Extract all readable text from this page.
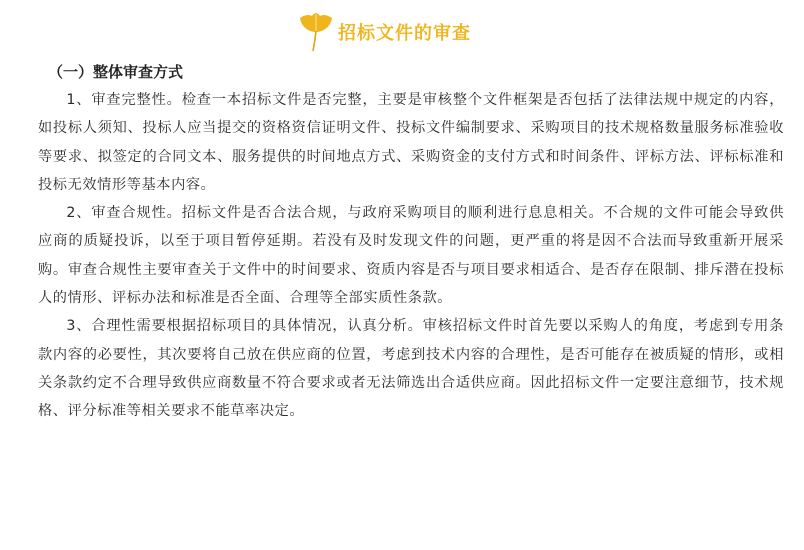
招标文件的审查
（一）整体审查方式

1、审查完整性。检查一本招标文件是否完整，主要是审核整个文件框架是否包括了法律法规中规定的内容，如投标人须知、投标人应当提交的资格资信证明文件、投标文件编制要求、采购项目的技术规格数量服务标准验收等要求、拟签定的合同文本、服务提供的时间地点方式、采购资金的支付方式和时间条件、评标方法、评标标准和投标无效情形等基本内容。

2、审查合规性。招标文件是否合法合规，与政府采购项目的顺利进行息息相关。不合规的文件可能会导致供应商的质疑投诉，以至于项目暂停延期。若没有及时发现文件的问题，更严重的将是因不合法而导致重新开展采购。审查合规性主要审查关于文件中的时间要求、资质内容是否与项目要求相适合、是否存在限制、排斥潜在投标人的情形、评标办法和标准是否全面、合理等全部实质性条款。

3、合理性需要根据招标项目的具体情况，认真分析。审核招标文件时首先要以采购人的角度，考虑到专用条款内容的必要性，其次要将自己放在供应商的位置，考虑到技术内容的合理性，是否可能存在被质疑的情形，或相关条款约定不合理导致供应商数量不符合要求或者无法筛选出合适供应商。因此招标文件一定要注意细节，技术规格、评分标准等相关要求不能草率决定。
